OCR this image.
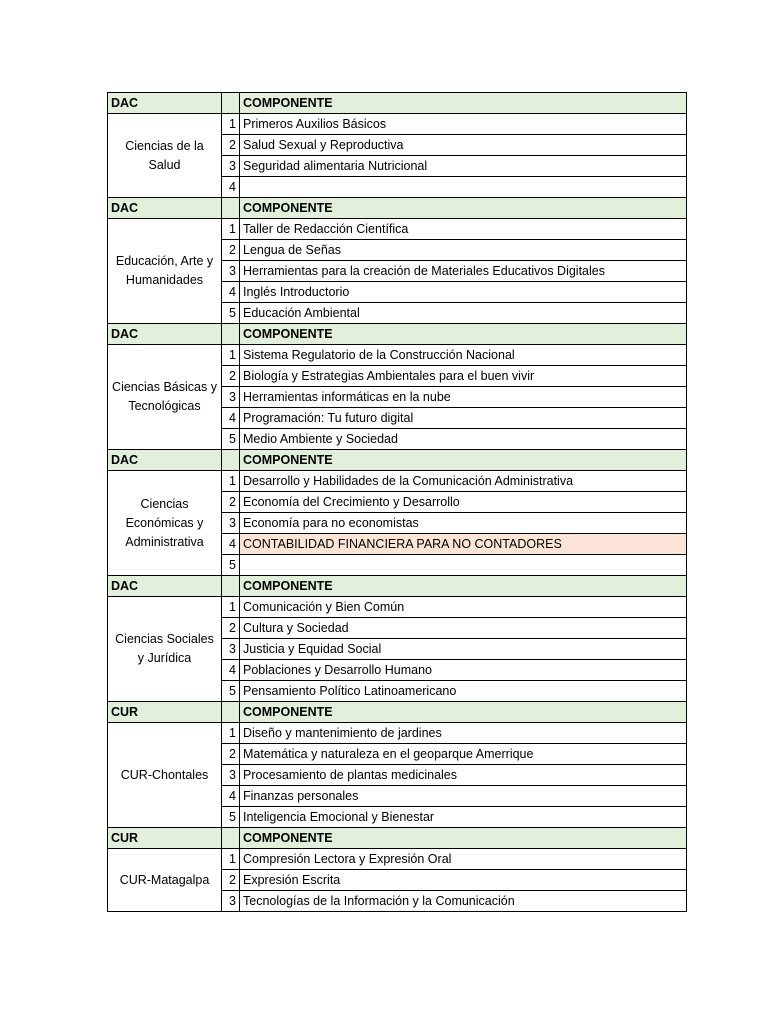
DAC		COMPONENTE
Ciencias de la Salud	1	Primeros Auxilios Básicos
	2	Salud Sexual y Reproductiva
	3	Seguridad alimentaria Nutricional
	4	
DAC		COMPONENTE
Educación, Arte y Humanidades	1	Taller de Redacción Científica
	2	Lengua de Señas
	3	Herramientas para la creación de Materiales Educativos Digitales
	4	Inglés Introductorio
	5	Educación Ambiental
DAC		COMPONENTE
Ciencias Básicas y Tecnológicas	1	Sistema Regulatorio de la Construcción Nacional
	2	Biología y Estrategias Ambientales para el buen vivir
	3	Herramientas informáticas en la nube
	4	Programación: Tu futuro digital
	5	Medio Ambiente y Sociedad
DAC		COMPONENTE
Ciencias Económicas y Administrativa	1	Desarrollo y Habilidades de la Comunicación Administrativa
	2	Economía del Crecimiento y Desarrollo
	3	Economía para no economistas
	4	CONTABILIDAD FINANCIERA PARA NO CONTADORES
	5	
DAC		COMPONENTE
Ciencias Sociales y Jurídica	1	Comunicación y Bien Común
	2	Cultura y Sociedad
	3	Justicia y Equidad Social
	4	Poblaciones y Desarrollo Humano
	5	Pensamiento Político Latinoamericano
CUR		COMPONENTE
CUR-Chontales	1	Diseño y mantenimiento de jardines
	2	Matemática y naturaleza en el geoparque Amerrique
	3	Procesamiento de plantas medicinales
	4	Finanzas personales
	5	Inteligencia Emocional y Bienestar
CUR		COMPONENTE
CUR-Matagalpa	1	Compresión Lectora y Expresión Oral
	2	Expresión Escrita
	3	Tecnologías de la Información y la Comunicación
